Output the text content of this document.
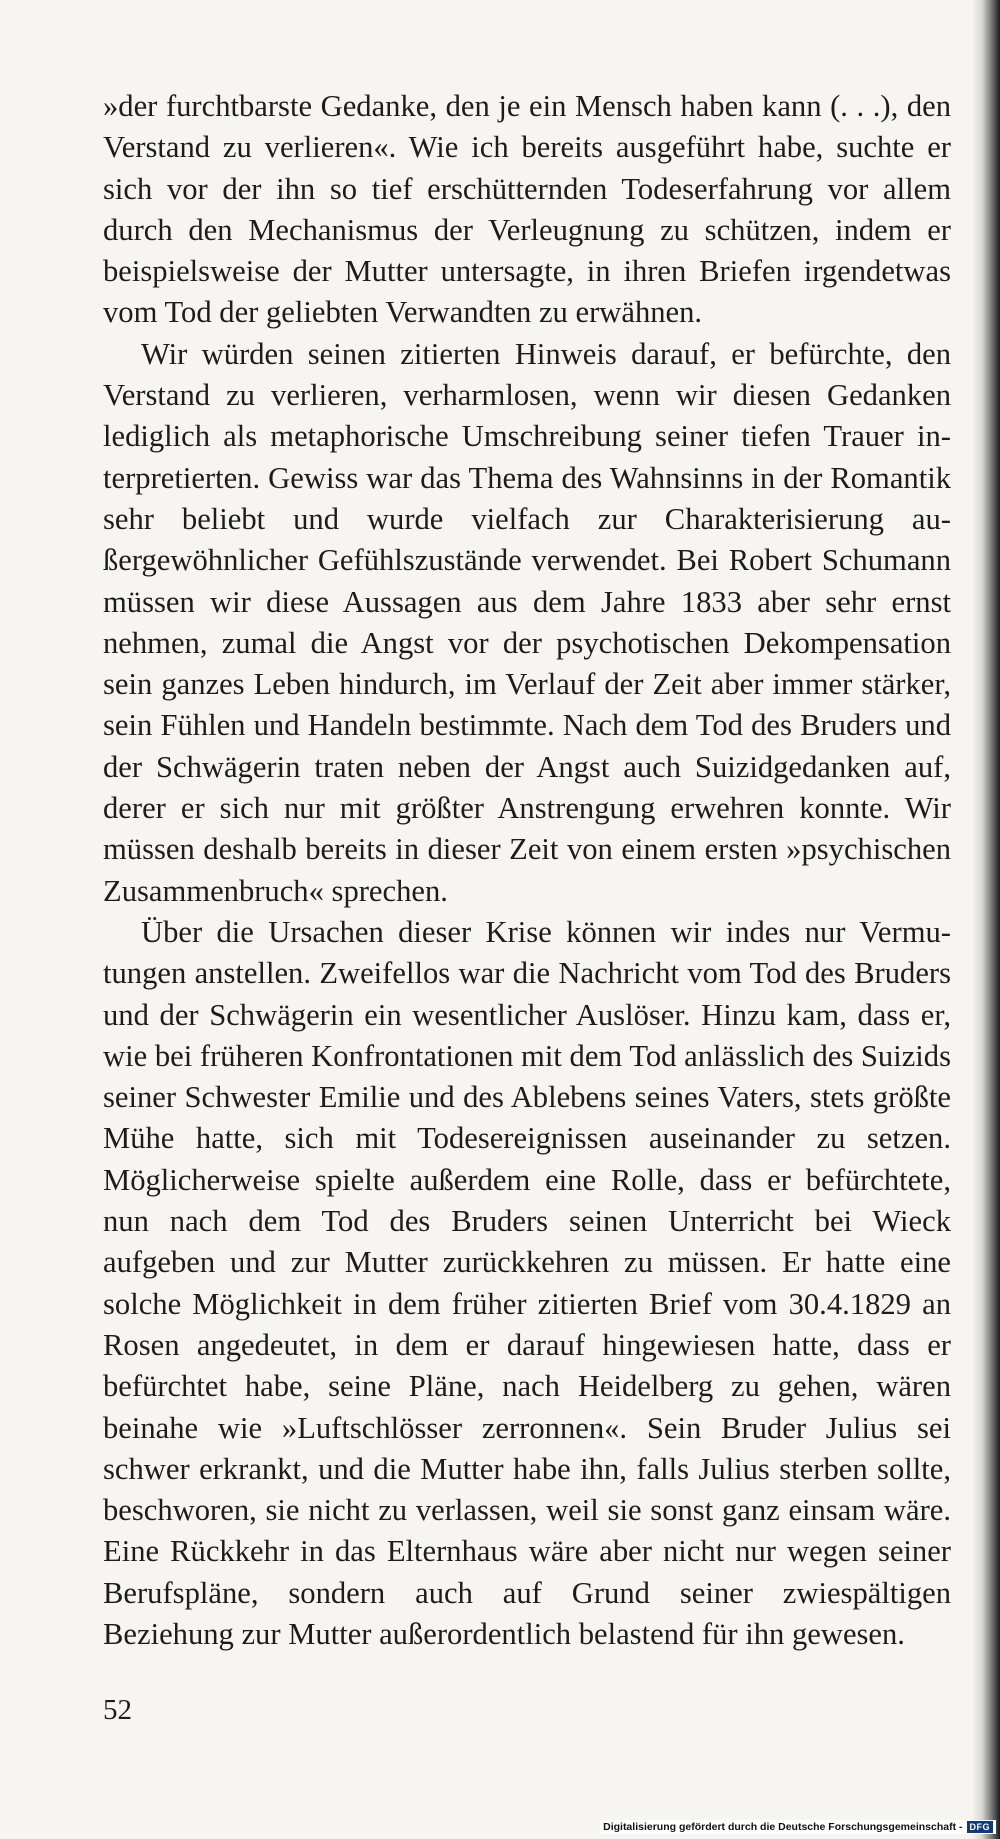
»der furchtbarste Gedanke, den je ein Mensch haben kann (. . .), den Verstand zu verlieren«. Wie ich bereits ausgeführt habe, suchte er sich vor der ihn so tief erschütternden Todeserfahrung vor allem durch den Mechanismus der Verleugnung zu schützen, indem er beispielsweise der Mutter untersagte, in ihren Briefen irgendetwas vom Tod der geliebten Verwandten zu erwähnen.

Wir würden seinen zitierten Hinweis darauf, er befürchte, den Verstand zu verlieren, verharmlosen, wenn wir diesen Gedanken lediglich als metaphorische Umschreibung seiner tiefen Trauer interpretierten. Gewiss war das Thema des Wahnsinns in der Romantik sehr beliebt und wurde vielfach zur Charakterisierung außergewöhnlicher Gefühlszustände verwendet. Bei Robert Schumann müssen wir diese Aussagen aus dem Jahre 1833 aber sehr ernst nehmen, zumal die Angst vor der psychotischen Dekompensation sein ganzes Leben hindurch, im Verlauf der Zeit aber immer stärker, sein Fühlen und Handeln bestimmte. Nach dem Tod des Bruders und der Schwägerin traten neben der Angst auch Suizidgedanken auf, derer er sich nur mit größter Anstrengung erwehren konnte. Wir müssen deshalb bereits in dieser Zeit von einem ersten »psychischen Zusammenbruch« sprechen.

Über die Ursachen dieser Krise können wir indes nur Vermutungen anstellen. Zweifellos war die Nachricht vom Tod des Bruders und der Schwägerin ein wesentlicher Auslöser. Hinzu kam, dass er, wie bei früheren Konfrontationen mit dem Tod anlässlich des Suizids seiner Schwester Emilie und des Ablebens seines Vaters, stets größte Mühe hatte, sich mit Todesereignissen auseinander zu setzen. Möglicherweise spielte außerdem eine Rolle, dass er befürchtete, nun nach dem Tod des Bruders seinen Unterricht bei Wieck aufgeben und zur Mutter zurückkehren zu müssen. Er hatte eine solche Möglichkeit in dem früher zitierten Brief vom 30.4.1829 an Rosen angedeutet, in dem er darauf hingewiesen hatte, dass er befürchtet habe, seine Pläne, nach Heidelberg zu gehen, wären beinahe wie »Luftschlösser zerronnen«. Sein Bruder Julius sei schwer erkrankt, und die Mutter habe ihn, falls Julius sterben sollte, beschworen, sie nicht zu verlassen, weil sie sonst ganz einsam wäre. Eine Rückkehr in das Elternhaus wäre aber nicht nur wegen seiner Berufspläne, sondern auch auf Grund seiner zwiespältigen Beziehung zur Mutter außerordentlich belastend für ihn gewesen.

52
Digitalisierung gefördert durch die Deutsche Forschungsgemeinschaft - DFG
